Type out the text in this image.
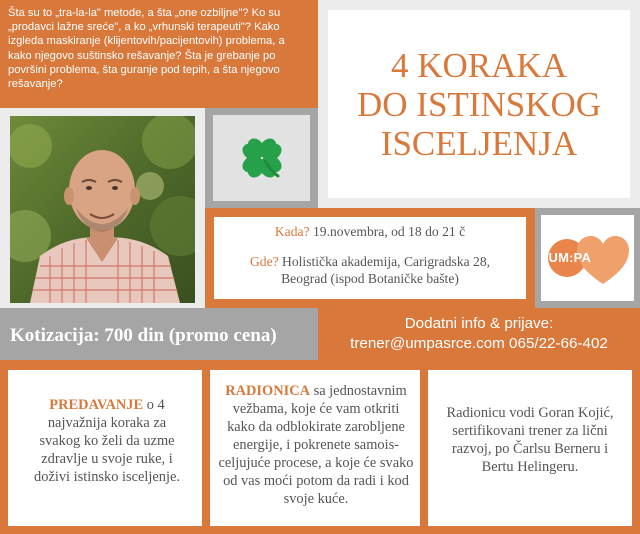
Šta su to „tra-la-la" metode, a šta „one ozbiljne"? Ko su „prodavci lažne sreće", a ko „vrhunski terapeuti"? Kako izgleda maskiranje (klijentovih/pacijentovih) problema, a kako njegovo suštinsko rešavanje? Šta je grebanje po površini problema, šta guranje pod tepih, a šta njegovo rešavanje?	4 KORAKA
DO ISTINSKOG
ISCELJENJA

Kada? 19.novembra, od 18 do 21 č

Gde? Holistička akademija, Carigradska 28,
Beograd (ispod Botaničke bašte)

UM:PA
Kotizacija: 700 din (promo cena)
Dodatni info & prijave:
trener@umpasrce.com 065/22-66-402

PREDAVANJE o 4 najvažnija koraka za svakog ko želi da uzme zdravlje u svoje ruke, i doživi istinsko isceljenje.

RADIONICA sa jednostavnim vežbama, koje će vam otkriti kako da odblokirate zarobljene energije, i pokrenete samois-celjujuće procese, a koje će svako od vas moći potom da radi i kod svoje kuće.

Radionicu vodi Goran Kojić, sertifikovani trener za lični razvoj, po Čarlsu Berneru i Bertu Helingeru.
